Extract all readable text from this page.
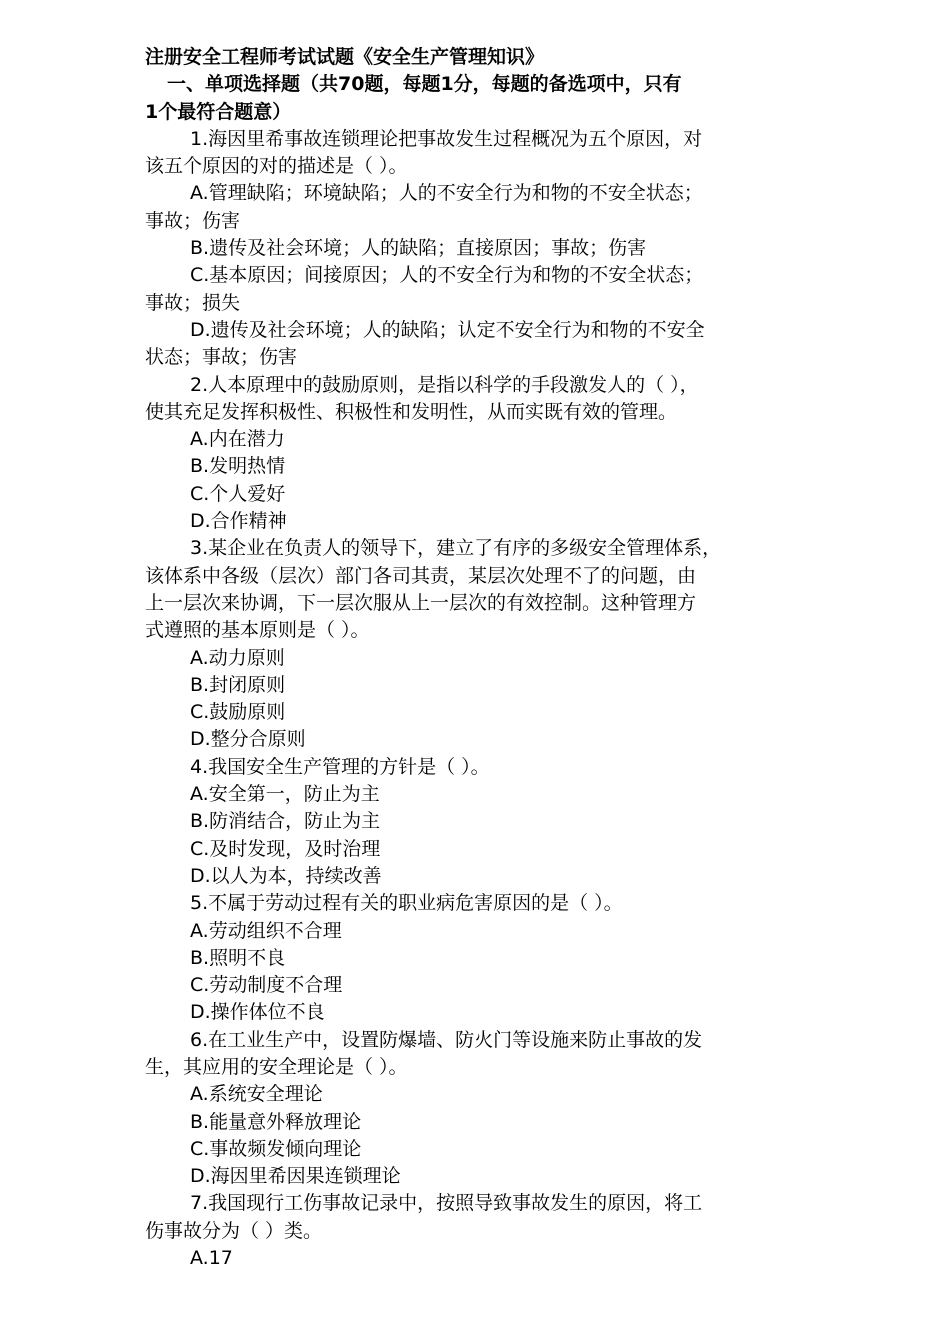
注册安全工程师考试试题《安全生产管理知识》
一、单项选择题（共70题，每题1分，每题的备选项中，只有
1个最符合题意）
1.海因里希事故连锁理论把事故发生过程概况为五个原因，对
该五个原因的对的描述是（ ）。
A.管理缺陷；环境缺陷；人的不安全行为和物的不安全状态；
事故；伤害
B.遗传及社会环境；人的缺陷；直接原因；事故；伤害
C.基本原因；间接原因；人的不安全行为和物的不安全状态；
事故；损失
D.遗传及社会环境；人的缺陷；认定不安全行为和物的不安全
状态；事故；伤害
2.人本原理中的鼓励原则，是指以科学的手段激发人的（ ），
使其充足发挥积极性、积极性和发明性，从而实既有效的管理。
A.内在潜力
B.发明热情
C.个人爱好
D.合作精神
3.某企业在负责人的领导下，建立了有序的多级安全管理体系，
该体系中各级（层次）部门各司其责，某层次处理不了的问题，由
上一层次来协调，下一层次服从上一层次的有效控制。这种管理方
式遵照的基本原则是（ ）。
A.动力原则
B.封闭原则
C.鼓励原则
D.整分合原则
4.我国安全生产管理的方针是（ ）。
A.安全第一，防止为主
B.防消结合，防止为主
C.及时发现，及时治理
D.以人为本，持续改善
5.不属于劳动过程有关的职业病危害原因的是（ ）。
A.劳动组织不合理
B.照明不良
C.劳动制度不合理
D.操作体位不良
6.在工业生产中，设置防爆墙、防火门等设施来防止事故的发
生，其应用的安全理论是（ ）。
A.系统安全理论
B.能量意外释放理论
C.事故频发倾向理论
D.海因里希因果连锁理论
7.我国现行工伤事故记录中，按照导致事故发生的原因，将工
伤事故分为（ ）类。
A.17
